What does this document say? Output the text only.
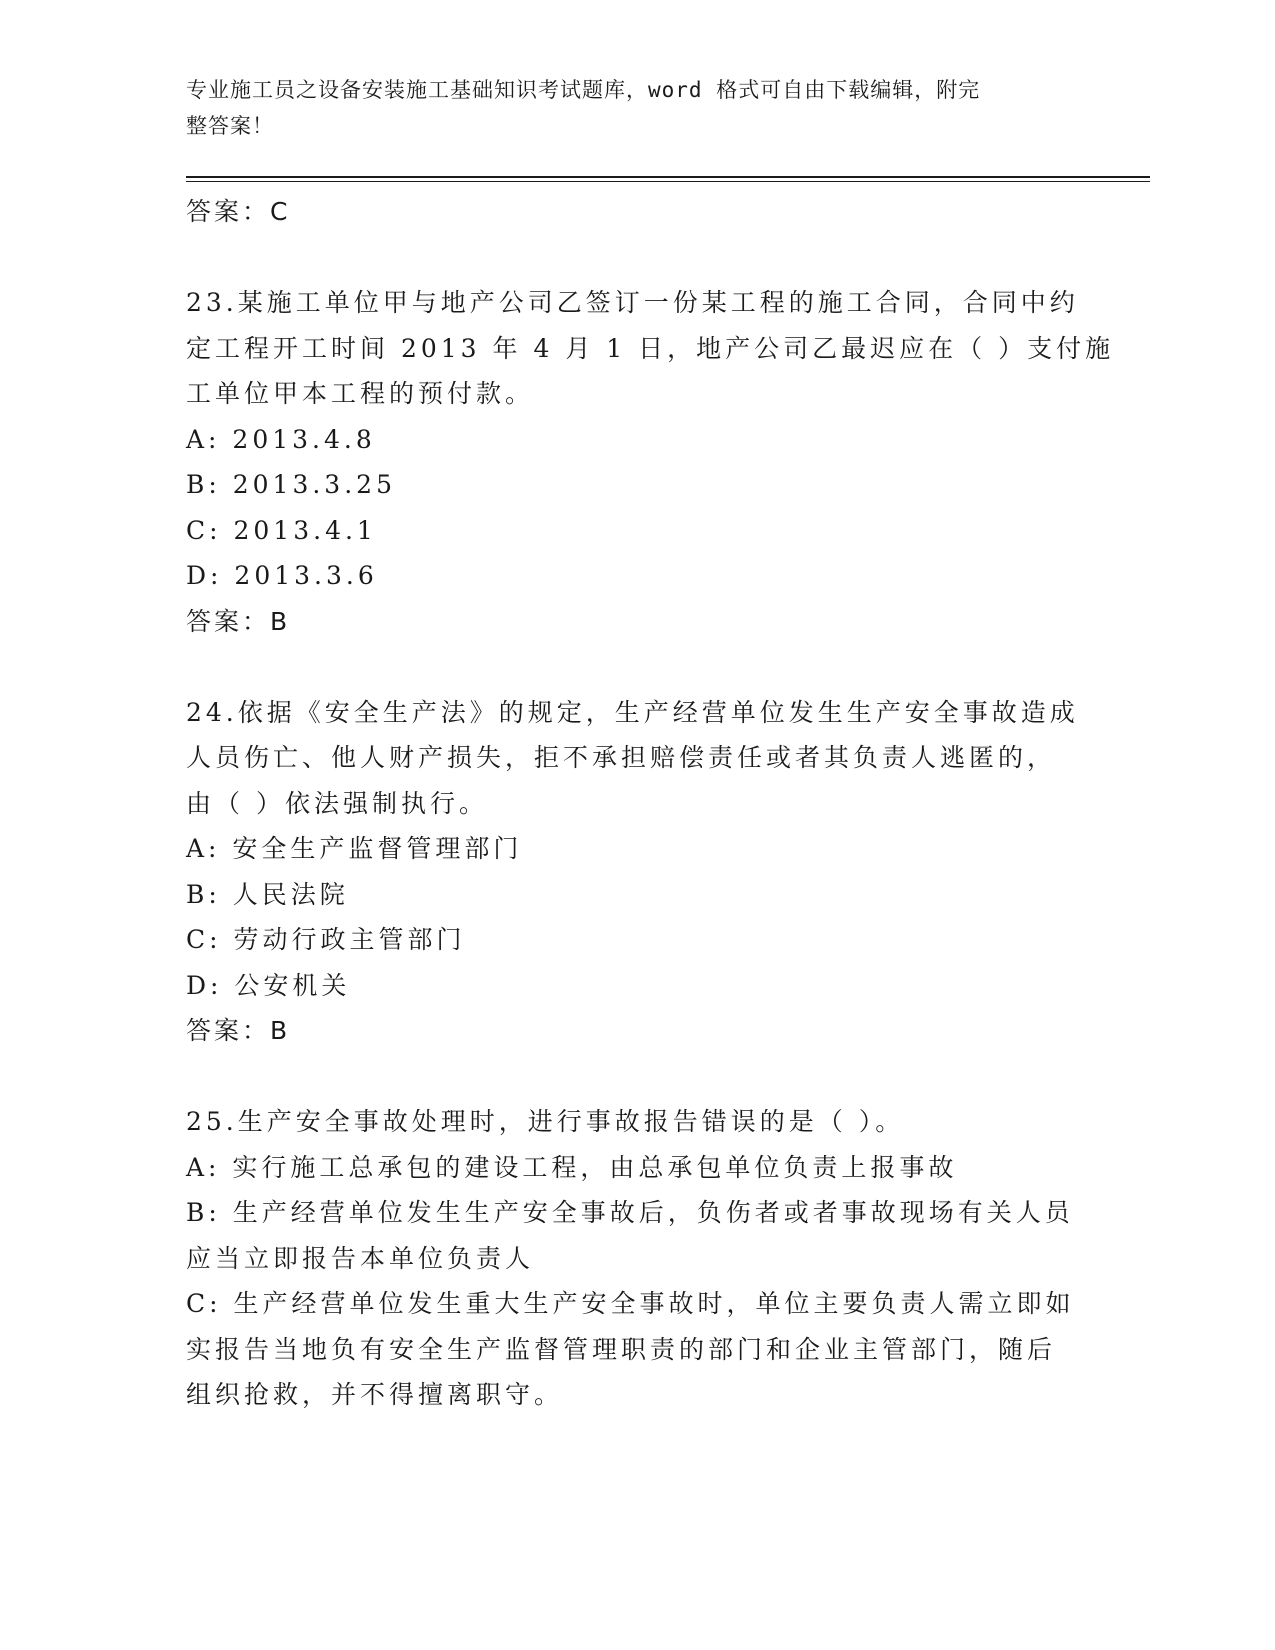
专业施工员之设备安装施工基础知识考试题库，word 格式可自由下载编辑，附完
整答案！
答案：C
23.某施工单位甲与地产公司乙签订一份某工程的施工合同，合同中约
定工程开工时间 2013 年 4 月 1 日，地产公司乙最迟应在（ ）支付施
工单位甲本工程的预付款。
A: 2013.4.8
B: 2013.3.25
C: 2013.4.1
D: 2013.3.6
答案：B
24.依据《安全生产法》的规定，生产经营单位发生生产安全事故造成
人员伤亡、他人财产损失，拒不承担赔偿责任或者其负责人逃匿的，
由（ ）依法强制执行。
A: 安全生产监督管理部门
B: 人民法院
C: 劳动行政主管部门
D: 公安机关
答案：B
25.生产安全事故处理时，进行事故报告错误的是（ ）。
A: 实行施工总承包的建设工程，由总承包单位负责上报事故
B: 生产经营单位发生生产安全事故后，负伤者或者事故现场有关人员
应当立即报告本单位负责人
C: 生产经营单位发生重大生产安全事故时，单位主要负责人需立即如
实报告当地负有安全生产监督管理职责的部门和企业主管部门，随后
组织抢救，并不得擅离职守。
